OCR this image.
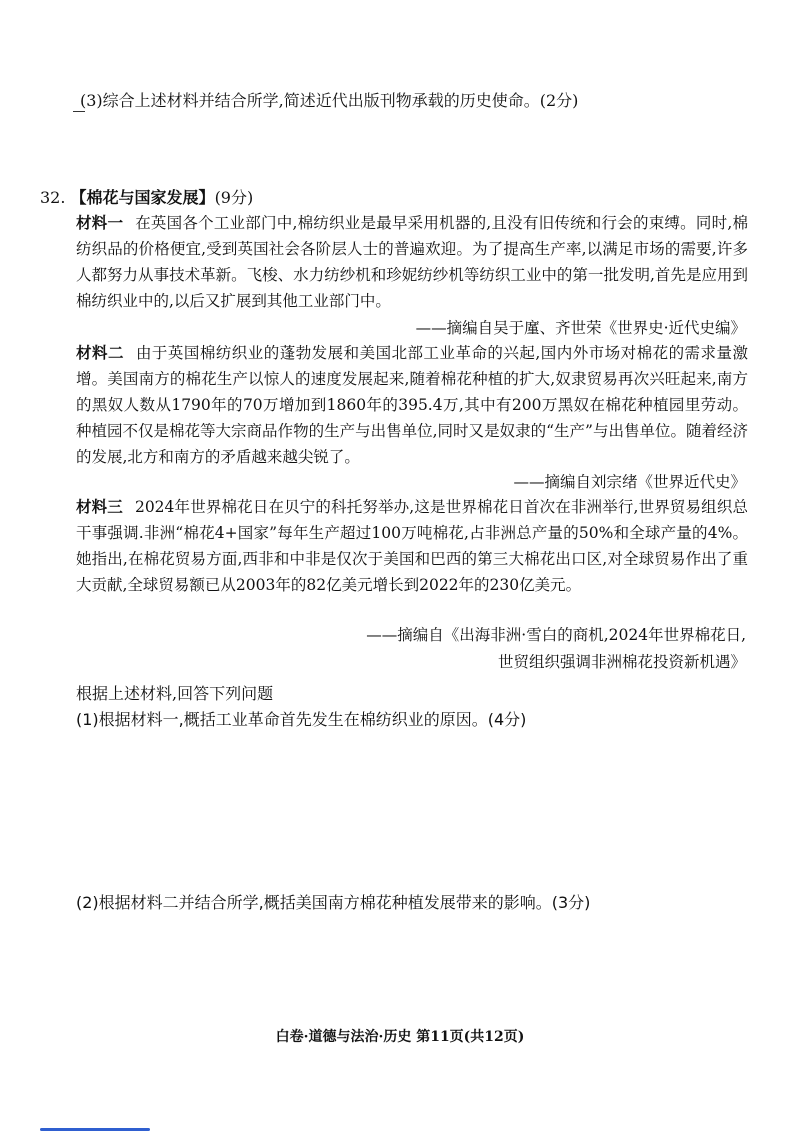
(3)综合上述材料并结合所学,简述近代出版刊物承载的历史使命。(2分)
32. 【棉花与国家发展】(9分)
材料一 在英国各个工业部门中,棉纺织业是最早采用机器的,且没有旧传统和行会的束缚。同时,棉纺织品的价格便宜,受到英国社会各阶层人士的普遍欢迎。为了提高生产率,以满足市场的需要,许多人都努力从事技术革新。飞梭、水力纺纱机和珍妮纺纱机等纺织工业中的第一批发明,首先是应用到棉纺织业中的,以后又扩展到其他工业部门中。
——摘编自吴于廑、齐世荣《世界史·近代史编》
材料二 由于英国棉纺织业的蓬勃发展和美国北部工业革命的兴起,国内外市场对棉花的需求量激增。美国南方的棉花生产以惊人的速度发展起来,随着棉花种植的扩大,奴隶贸易再次兴旺起来,南方的黑奴人数从1790年的70万增加到1860年的395.4万,其中有200万黑奴在棉花种植园里劳动。种植园不仅是棉花等大宗商品作物的生产与出售单位,同时又是奴隶的“生产”与出售单位。随着经济的发展,北方和南方的矛盾越来越尖锐了。
——摘编自刘宗绪《世界近代史》
材料三 2024年世界棉花日在贝宁的科托努举办,这是世界棉花日首次在非洲举行,世界贸易组织总干事强调.非洲“棉花4+国家”每年生产超过100万吨棉花,占非洲总产量的50%和全球产量的4%。她指出,在棉花贸易方面,西非和中非是仅次于美国和巴西的第三大棉花出口区,对全球贸易作出了重大贡献,全球贸易额已从2003年的82亿美元增长到2022年的230亿美元。
——摘编自《出海非洲·雪白的商机,2024年世界棉花日,
世贸组织强调非洲棉花投资新机遇》
根据上述材料,回答下列问题
(1)根据材料一,概括工业革命首先发生在棉纺织业的原因。(4分)
(2)根据材料二并结合所学,概括美国南方棉花种植发展带来的影响。(3分)
白卷·道德与法治·历史 第11页(共12页)
